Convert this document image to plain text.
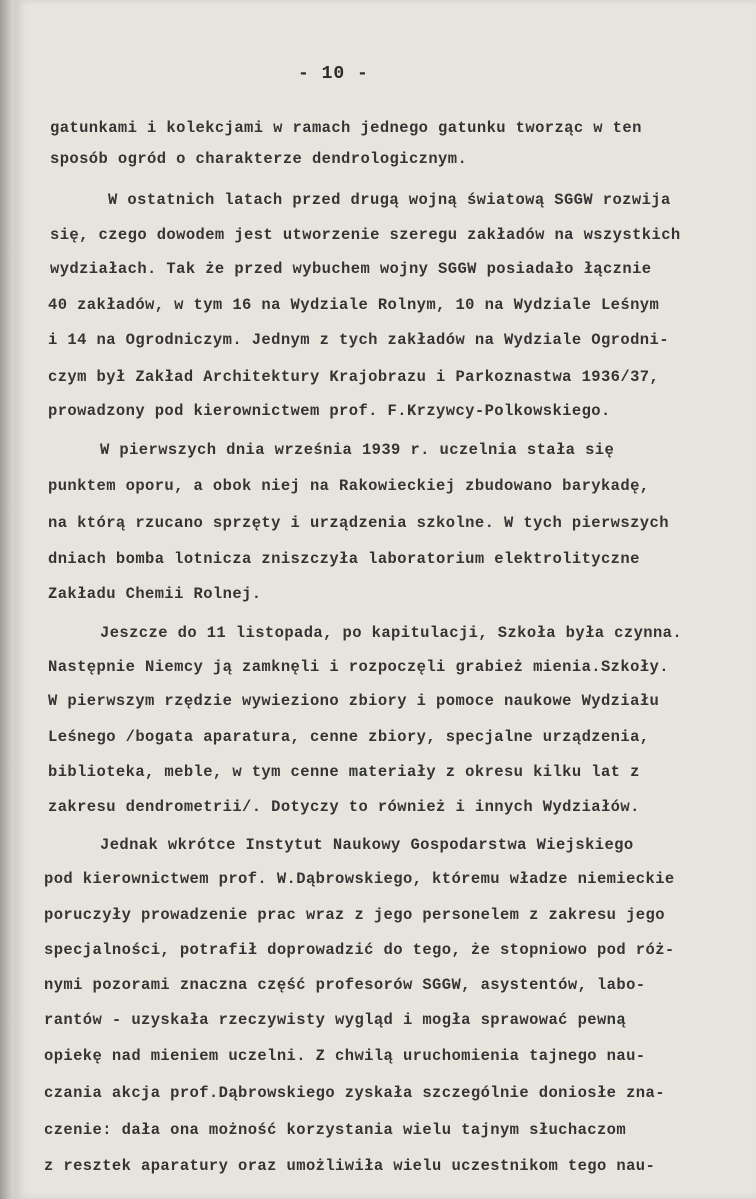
- 10 -
gatunkami i kolekcjami w ramach jednego gatunku tworząc w ten
sposób ogród o charakterze dendrologicznym.
W ostatnich latach przed drugą wojną światową SGGW rozwija
się, czego dowodem jest utworzenie szeregu zakładów na wszystkich
wydziałach. Tak że przed wybuchem wojny SGGW posiadało łącznie
40 zakładów, w tym 16 na Wydziale Rolnym, 10 na Wydziale Leśnym
i 14 na Ogrodniczym. Jednym z tych zakładów na Wydziale Ogrodni-
czym był Zakład Architektury Krajobrazu i Parkoznastwa 1936/37,
prowadzony pod kierownictwem prof. F.Krzywcy-Polkowskiego.
W pierwszych dnia września 1939 r. uczelnia stała się
punktem oporu, a obok niej na Rakowieckiej zbudowano barykadę,
na którą rzucano sprzęty i urządzenia szkolne. W tych pierwszych
dniach bomba lotnicza zniszczyła laboratorium elektrolityczne
Zakładu Chemii Rolnej.
Jeszcze do 11 listopada, po kapitulacji, Szkoła była czynna.
Następnie Niemcy ją zamknęli i rozpoczęli grabież mienia.Szkoły.
W pierwszym rzędzie wywieziono zbiory i pomoce naukowe Wydziału
Leśnego /bogata aparatura, cenne zbiory, specjalne urządzenia,
biblioteka, meble, w tym cenne materiały z okresu kilku lat z
zakresu dendrometrii/. Dotyczy to również i innych Wydziałów.
Jednak wkrótce Instytut Naukowy Gospodarstwa Wiejskiego
pod kierownictwem prof. W.Dąbrowskiego, któremu władze niemieckie
poruczyły prowadzenie prac wraz z jego personelem z zakresu jego
specjalności, potrafił doprowadzić do tego, że stopniowo pod róż-
nymi pozorami znaczna część profesorów SGGW, asystentów, labo-
rantów - uzyskała rzeczywisty wygląd i mogła sprawować pewną
opiekę nad mieniem uczelni. Z chwilą uruchomienia tajnego nau-
czania akcja prof.Dąbrowskiego zyskała szczególnie doniosłe zna-
czenie: dała ona możność korzystania wielu tajnym słuchaczom
z resztek aparatury oraz umożliwiła wielu uczestnikom tego nau-
